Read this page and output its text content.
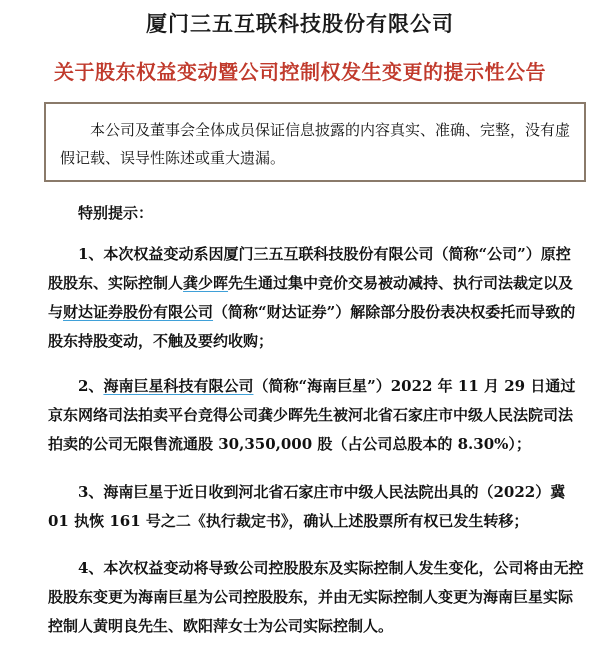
厦门三五互联科技股份有限公司
关于股东权益变动暨公司控制权发生变更的提示性公告
本公司及董事会全体成员保证信息披露的内容真实、准确、完整，没有虚假记载、误导性陈述或重大遗漏。
特别提示：
1、本次权益变动系因厦门三五互联科技股份有限公司（简称“公司”）原控股股东、实际控制人龚少晖先生通过集中竞价交易被动减持、执行司法裁定以及与财达证券股份有限公司（简称“财达证券”）解除部分股份表决权委托而导致的股东持股变动，不触及要约收购；
2、海南巨星科技有限公司（简称“海南巨星”）2022 年 11 月 29 日通过京东网络司法拍卖平台竞得公司龚少晖先生被河北省石家庄市中级人民法院司法拍卖的公司无限售流通股 30,350,000 股（占公司总股本的 8.30%）；
3、海南巨星于近日收到河北省石家庄市中级人民法院出具的（2022）冀 01 执恢 161 号之二《执行裁定书》，确认上述股票所有权已发生转移；
4、本次权益变动将导致公司控股股东及实际控制人发生变化，公司将由无控股股东变更为海南巨星为公司控股股东，并由无实际控制人变更为海南巨星实际控制人黄明良先生、欧阳萍女士为公司实际控制人。
